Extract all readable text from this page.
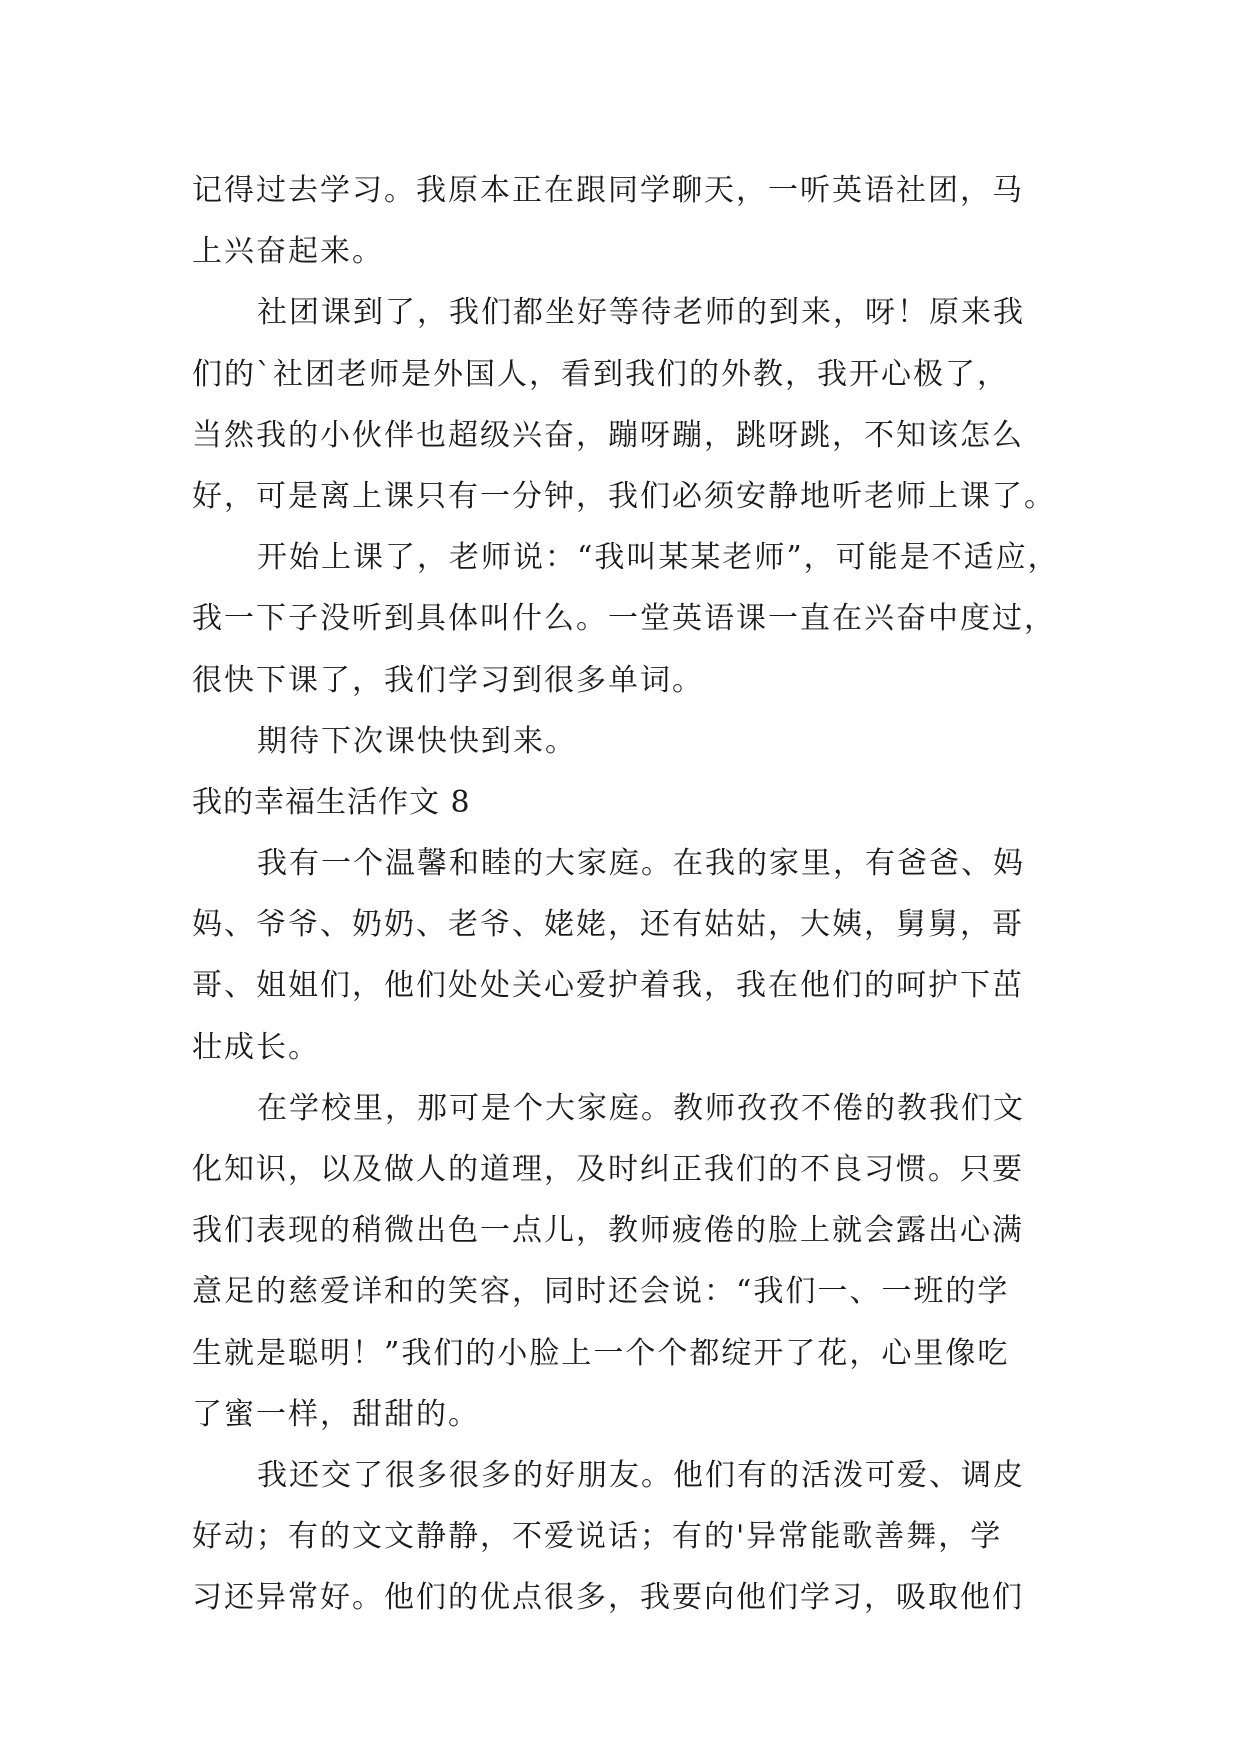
记得过去学习。我原本正在跟同学聊天，一听英语社团，马
上兴奋起来。
社团课到了，我们都坐好等待老师的到来，呀！原来我
们的`社团老师是外国人，看到我们的外教，我开心极了，
当然我的小伙伴也超级兴奋，蹦呀蹦，跳呀跳，不知该怎么
好，可是离上课只有一分钟，我们必须安静地听老师上课了。
开始上课了，老师说：“我叫某某老师”，可能是不适应，
我一下子没听到具体叫什么。一堂英语课一直在兴奋中度过，
很快下课了，我们学习到很多单词。
期待下次课快快到来。
我的幸福生活作文 8
我有一个温馨和睦的大家庭。在我的家里，有爸爸、妈
妈、爷爷、奶奶、老爷、姥姥，还有姑姑，大姨，舅舅，哥
哥、姐姐们，他们处处关心爱护着我，我在他们的呵护下茁
壮成长。
在学校里，那可是个大家庭。教师孜孜不倦的教我们文
化知识，以及做人的道理，及时纠正我们的不良习惯。只要
我们表现的稍微出色一点儿，教师疲倦的脸上就会露出心满
意足的慈爱详和的笑容，同时还会说：“我们一、一班的学
生就是聪明！”我们的小脸上一个个都绽开了花，心里像吃
了蜜一样，甜甜的。
我还交了很多很多的好朋友。他们有的活泼可爱、调皮
好动；有的文文静静，不爱说话；有的'异常能歌善舞，学
习还异常好。他们的优点很多，我要向他们学习，吸取他们
